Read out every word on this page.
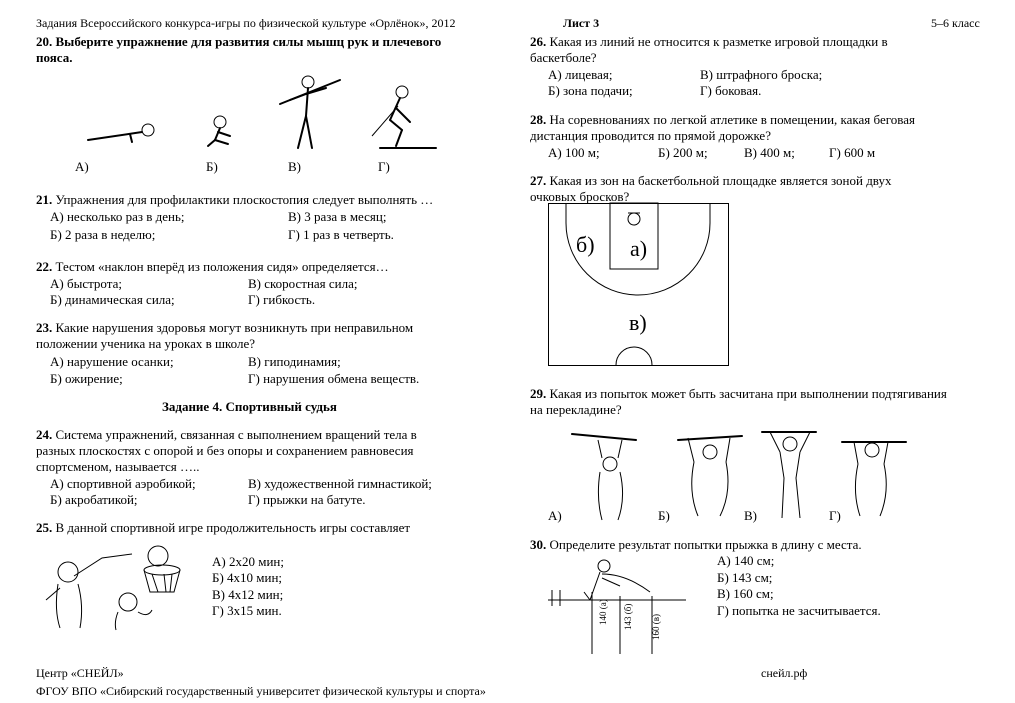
Задания Всероссийского конкурса-игры по физической культуре «Орлёнок», 2012
20. Выберите упражнение для развития силы мышц рук и плечевого
пояса.
А)	Б)	В)	Г)
21. Упражнения для профилактики плоскостопия следует выполнять …
А) несколько раз в день;	В) 3 раза в месяц;
Б) 2 раза в неделю;	Г) 1 раз в четверть.
22. Тестом «наклон вперёд из положения сидя» определяется…
А) быстрота;	В) скоростная сила;
Б) динамическая сила;	Г) гибкость.
23. Какие нарушения здоровья могут возникнуть при неправильном
положении ученика на уроках в школе?
А) нарушение осанки;	В) гиподинамия;
Б) ожирение;	Г) нарушения обмена веществ.
Задание 4. Спортивный судья
24. Система упражнений, связанная с выполнением вращений тела в
разных плоскостях с опорой и без опоры и сохранением равновесия
спортсменом, называется …..
А) спортивной аэробикой;	В) художественной гимнастикой;
Б) акробатикой;	Г) прыжки на батуте.
25. В данной спортивной игре продолжительность игры составляет
А) 2x20 мин;
Б) 4x10 мин;
В) 4x12 мин;
Г) 3x15 мин.
Центр «СНЕЙЛ»
ФГОУ ВПО «Сибирский государственный университет физической культуры и спорта»
Лист 3	5–6 класс
26. Какая из линий не относится к разметке игровой площадки в
баскетболе?
А) лицевая;	В) штрафного броска;
Б) зона подачи;	Г) боковая.
28. На соревнованиях по легкой атлетике в помещении, какая беговая
дистанция проводится по прямой дорожке?
А) 100 м;	Б) 200 м;	В) 400 м;	Г) 600 м
27. Какая из зон на баскетбольной площадке является зоной двух
очковых бросков?
а)
б)
в)
29. Какая из попыток может быть засчитана при выполнении подтягивания
на перекладине?
А)	Б)	В)	Г)
30. Определите результат попытки прыжка в длину с места.
140 (a) 143 (б) 160 (в)
А) 140 см;
Б) 143 см;
В) 160 см;
Г) попытка не засчитывается.
снейл.рф
